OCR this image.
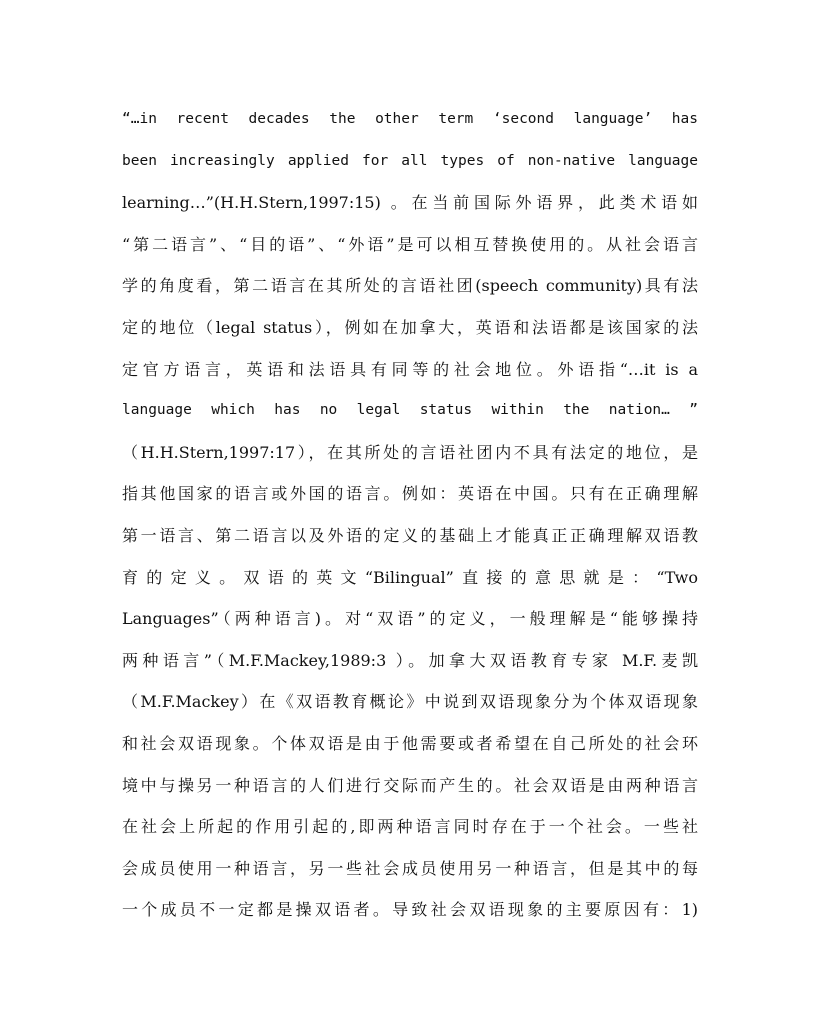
“…in recent decades the other term ‘second language’ has
been increasingly applied for all types of non-native language
learning…”(H.H.Stern,1997:15) 。在当前国际外语界，此类术语如
“第二语言”、“目的语”、“外语”是可以相互替换使用的。从社会语言
学的角度看，第二语言在其所处的言语社团(speech community)具有法
定的地位（legal status），例如在加拿大，英语和法语都是该国家的法
定官方语言，英语和法语具有同等的社会地位。外语指“…it is a
language which has no legal status within the nation… ”
（H.H.Stern,1997:17），在其所处的言语社团内不具有法定的地位，是
指其他国家的语言或外国的语言。例如：英语在中国。只有在正确理解
第一语言、第二语言以及外语的定义的基础上才能真正正确理解双语教
育的定义。双语的英文“Bilingual”直接的意思就是：“Two
Languages”（两种语言)。对“双语”的定义，一般理解是“能够操持
两种语言”（M.F.Mackey,1989:3 ）。加拿大双语教育专家 M.F.麦凯
（M.F.Mackey）在《双语教育概论》中说到双语现象分为个体双语现象
和社会双语现象。个体双语是由于他需要或者希望在自己所处的社会环
境中与操另一种语言的人们进行交际而产生的。社会双语是由两种语言
在社会上所起的作用引起的,即两种语言同时存在于一个社会。一些社
会成员使用一种语言，另一些社会成员使用另一种语言，但是其中的每
一个成员不一定都是操双语者。导致社会双语现象的主要原因有：1)
